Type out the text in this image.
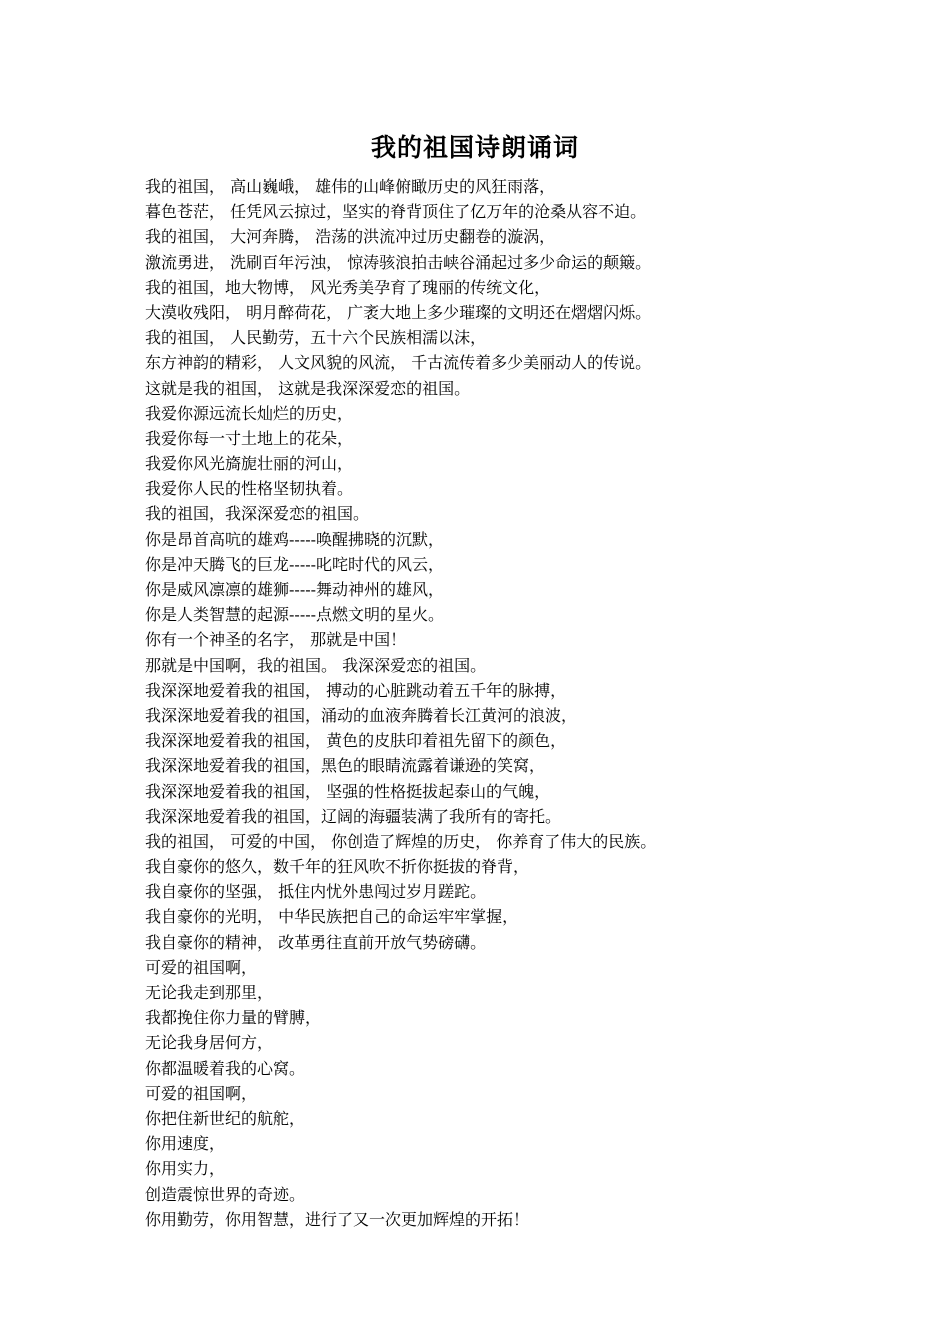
我的祖国诗朗诵词
我的祖国， 高山巍峨， 雄伟的山峰俯瞰历史的风狂雨落，
暮色苍茫， 任凭风云掠过，坚实的脊背顶住了亿万年的沧桑从容不迫。
我的祖国， 大河奔腾， 浩荡的洪流冲过历史翻卷的漩涡，
激流勇进， 洗刷百年污浊， 惊涛骇浪拍击峡谷涌起过多少命运的颠簸。
我的祖国，地大物博， 风光秀美孕育了瑰丽的传统文化，
大漠收残阳， 明月醉荷花， 广袤大地上多少璀璨的文明还在熠熠闪烁。
我的祖国， 人民勤劳，五十六个民族相濡以沫，
东方神韵的精彩， 人文风貌的风流， 千古流传着多少美丽动人的传说。
这就是我的祖国， 这就是我深深爱恋的祖国。
我爱你源远流长灿烂的历史，
我爱你每一寸土地上的花朵，
我爱你风光旖旎壮丽的河山，
我爱你人民的性格坚韧执着。
我的祖国，我深深爱恋的祖国。
你是昂首高吭的雄鸡-----唤醒拂晓的沉默，
你是冲天腾飞的巨龙-----叱咤时代的风云，
你是威风凛凛的雄狮-----舞动神州的雄风，
你是人类智慧的起源-----点燃文明的星火。
你有一个神圣的名字， 那就是中国！
那就是中国啊，我的祖国。 我深深爱恋的祖国。
我深深地爱着我的祖国， 搏动的心脏跳动着五千年的脉搏，
我深深地爱着我的祖国，涌动的血液奔腾着长江黄河的浪波，
我深深地爱着我的祖国， 黄色的皮肤印着祖先留下的颜色，
我深深地爱着我的祖国，黑色的眼睛流露着谦逊的笑窝，
我深深地爱着我的祖国， 坚强的性格挺拔起泰山的气魄，
我深深地爱着我的祖国，辽阔的海疆装满了我所有的寄托。
我的祖国， 可爱的中国， 你创造了辉煌的历史， 你养育了伟大的民族。
我自豪你的悠久，数千年的狂风吹不折你挺拔的脊背，
我自豪你的坚强， 抵住内忧外患闯过岁月蹉跎。
我自豪你的光明， 中华民族把自己的命运牢牢掌握，
我自豪你的精神， 改革勇往直前开放气势磅礴。
可爱的祖国啊，
无论我走到那里，
我都挽住你力量的臂膊，
无论我身居何方，
你都温暖着我的心窝。
可爱的祖国啊，
你把住新世纪的航舵，
你用速度，
你用实力，
创造震惊世界的奇迹。
你用勤劳，你用智慧，进行了又一次更加辉煌的开拓！
